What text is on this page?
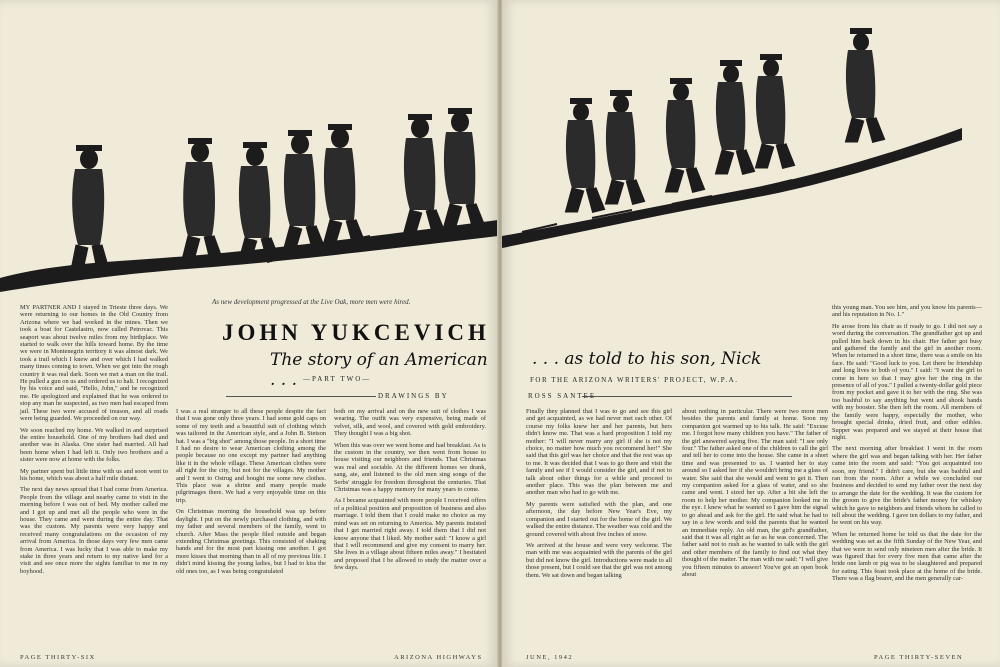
As new development progressed at the Live Oak, more men were hired.
JOHN YUKCEVICH
The story of an American . . . —PART TWO—
DRAWINGS BY

MY PARTNER AND I stayed in Trieste three days. We were returning to our homes in the Old Country from Arizona where we had worked in the mines. Then we took a boat for Castelastro, now called Petrovac. This seaport was about twelve miles from my birthplace. We started to walk over the hills toward home. By the time we were in Montenegrin territory it was almost dark. We took a trail which I knew and over which I had walked many times coming to town. When we got into the rough country it was real dark. Soon we met a man on the trail. He pulled a gun on us and ordered us to halt. I recognized by his voice and said, "Hello, John," and he recognized me. He apologized and explained that he was ordered to stop any man he suspected, as two men had escaped from jail. These two were accused of treason, and all roads were being guarded. We proceeded on our way.

We soon reached my home. We walked in and surprised the entire household. One of my brothers had died and another was in Alaska. One sister had married. All had been home when I had left it. Only two brothers and a sister were now at home with the folks.

My partner spent but little time with us and soon went to his home, which was about a half mile distant.

The next day news spread that I had come from America. People from the village and nearby came to visit in the morning before I was out of bed. My mother called me and I got up and met all the people who were in the house. They came and went during the entire day. That was the custom. My parents were very happy and received many congratulations on the occasion of my arrival from America. In those days very few men came from America. I was lucky that I was able to make my stake in three years and return to my native land for a visit and see once more the sights familiar to me in my boyhood.

I was a real stranger to all these people despite the fact that I was gone only three years. I had some gold caps on some of my teeth and a beautiful suit of clothing which was tailored in the American style, and a John B. Stetson hat. I was a "big shot" among those people. In a short time I had no desire to wear American clothing among the people because no one except my partner had anything like it in the whole village. These American clothes were all right for the city, but not for the villages. My mother and I went to Ostrug and bought me some new clothes. This place was a shrine and many people made pilgrimages there. We had a very enjoyable time on this trip.

On Christmas morning the household was up before daylight. I put on the newly purchased clothing, and with my father and several members of the family, went to church. After Mass the people filed outside and began extending Christmas greetings. This consisted of shaking hands and for the most part kissing one another. I got more kisses that morning than in all of my previous life. I didn't mind kissing the young ladies, but I had to kiss the old ones too, as I was being congratulated

both on my arrival and on the new suit of clothes I was wearing. The outfit was very expensive, being made of velvet, silk, and wool, and covered with gold embroidery. They thought I was a big shot.

When this was over we went home and had breakfast. As is the custom in the country, we then went from house to house visiting our neighbors and friends. That Christmas was real and sociable. At the different homes we drank, sang, ate, and listened to the old men sing songs of the Serbs' struggle for freedom throughout the centuries. That Christmas was a happy memory for many years to come.

As I became acquainted with more people I received offers of a political position and proposition of business and also marriage. I told them that I could make no choice as my mind was set on returning to America. My parents insisted that I get married right away. I told them that I did not know anyone that I liked. My mother said: "I know a girl that I will recommend and give my consent to marry her. She lives in a village about fifteen miles away." I hesitated and proposed that I be allowed to study the matter over a few days.

PAGE THIRTY-SIX	ARIZONA HIGHWAYS
. . . as told to his son, Nick
FOR THE ARIZONA WRITERS' PROJECT, W.P.A.
ROSS SANTEE

Finally they planned that I was to go and see this girl and get acquainted, as we had never met each other. Of course my folks knew her and her parents, but hers didn't know me. That was a hard proposition I told my mother: "I will never marry any girl if she is not my choice, no matter how much you recommend her!" She said that this girl was her choice and that the rest was up to me. It was decided that I was to go there and visit the family and see if I would consider the girl, and if not to talk about other things for a while and proceed to another place. This was the plan between me and another man who had to go with me.

My parents were satisfied with the plan, and one afternoon, the day before New Year's Eve, my companion and I started out for the home of the girl. We walked the entire distance. The weather was cold and the ground covered with about five inches of snow.

We arrived at the house and were very welcome. The man with me was acquainted with the parents of the girl but did not know the girl. Introductions were made to all those present, but I could see that the girl was not among them. We sat down and began talking

about nothing in particular. There were two more men besides the parents and family at home. Soon my companion got warmed up to his talk. He said: "Excuse me. I forgot how many children you have." The father of the girl answered saying five. The man said: "I see only four." The father asked one of the children to call the girl and tell her to come into the house. She came in a short time and was presented to us. I wanted her to stay around so I asked her if she wouldn't bring me a glass of water. She said that she would and went to get it. Then my companion asked for a glass of water, and so she came and went. I sized her up. After a bit she left the room to help her mother. My companion looked me in the eye. I knew what he wanted so I gave him the signal to go ahead and ask for the girl. He said what he had to say in a few words and told the parents that he wanted an immediate reply. An old man, the girl's grandfather, said that it was all right as far as he was concerned. The father said not to rush as he wanted to talk with the girl and other members of the family to find out what they thought of the matter. The man with me said: "I will give you fifteen minutes to answer! You've got an open book about

this young man. You see him, and you know his parents—and his reputation in No. 1."

He arose from his chair as if ready to go. I did not say a word during the conversation. The grandfather got up and pulled him back down in his chair. Her father got busy and gathered the family and the girl in another room. When he returned in a short time, there was a smile on his face. He said: "Good luck to you. Let there be friendship and long lives to both of you." I said: "I want the girl to come in here so that I may give her the ring in the presence of all of you." I pulled a twenty-dollar gold piece from my pocket and gave it to her with the ring. She was too bashful to say anything but went and shook hands with my booster. She then left the room. All members of the family were happy, especially the mother, who brought special drinks, dried fruit, and other edibles. Supper was prepared and we stayed at their house that night.

The next morning after breakfast I went in the room where the girl was and began talking with her. Her father came into the room and said: "You got acquainted too soon, my friend." I didn't care, but she was bashful and ran from the room. After a while we concluded our business and decided to send my father over the next day to arrange the date for the wedding. It was the custom for the groom to give the bride's father money for whiskey which he gave to neighbors and friends whom he called to tell about the wedding. I gave ten dollars to my father, and he went on his way.

When he returned home he told us that the date for the wedding was set as the fifth Sunday of the New Year, and that we were to send only nineteen men after the bride. It was figured that for every five men that came after the bride one lamb or pig was to be slaughtered and prepared for eating. This feast took place at the home of the bride. There was a flag bearer, and the men generally car-

JUNE, 1942	PAGE THIRTY-SEVEN
